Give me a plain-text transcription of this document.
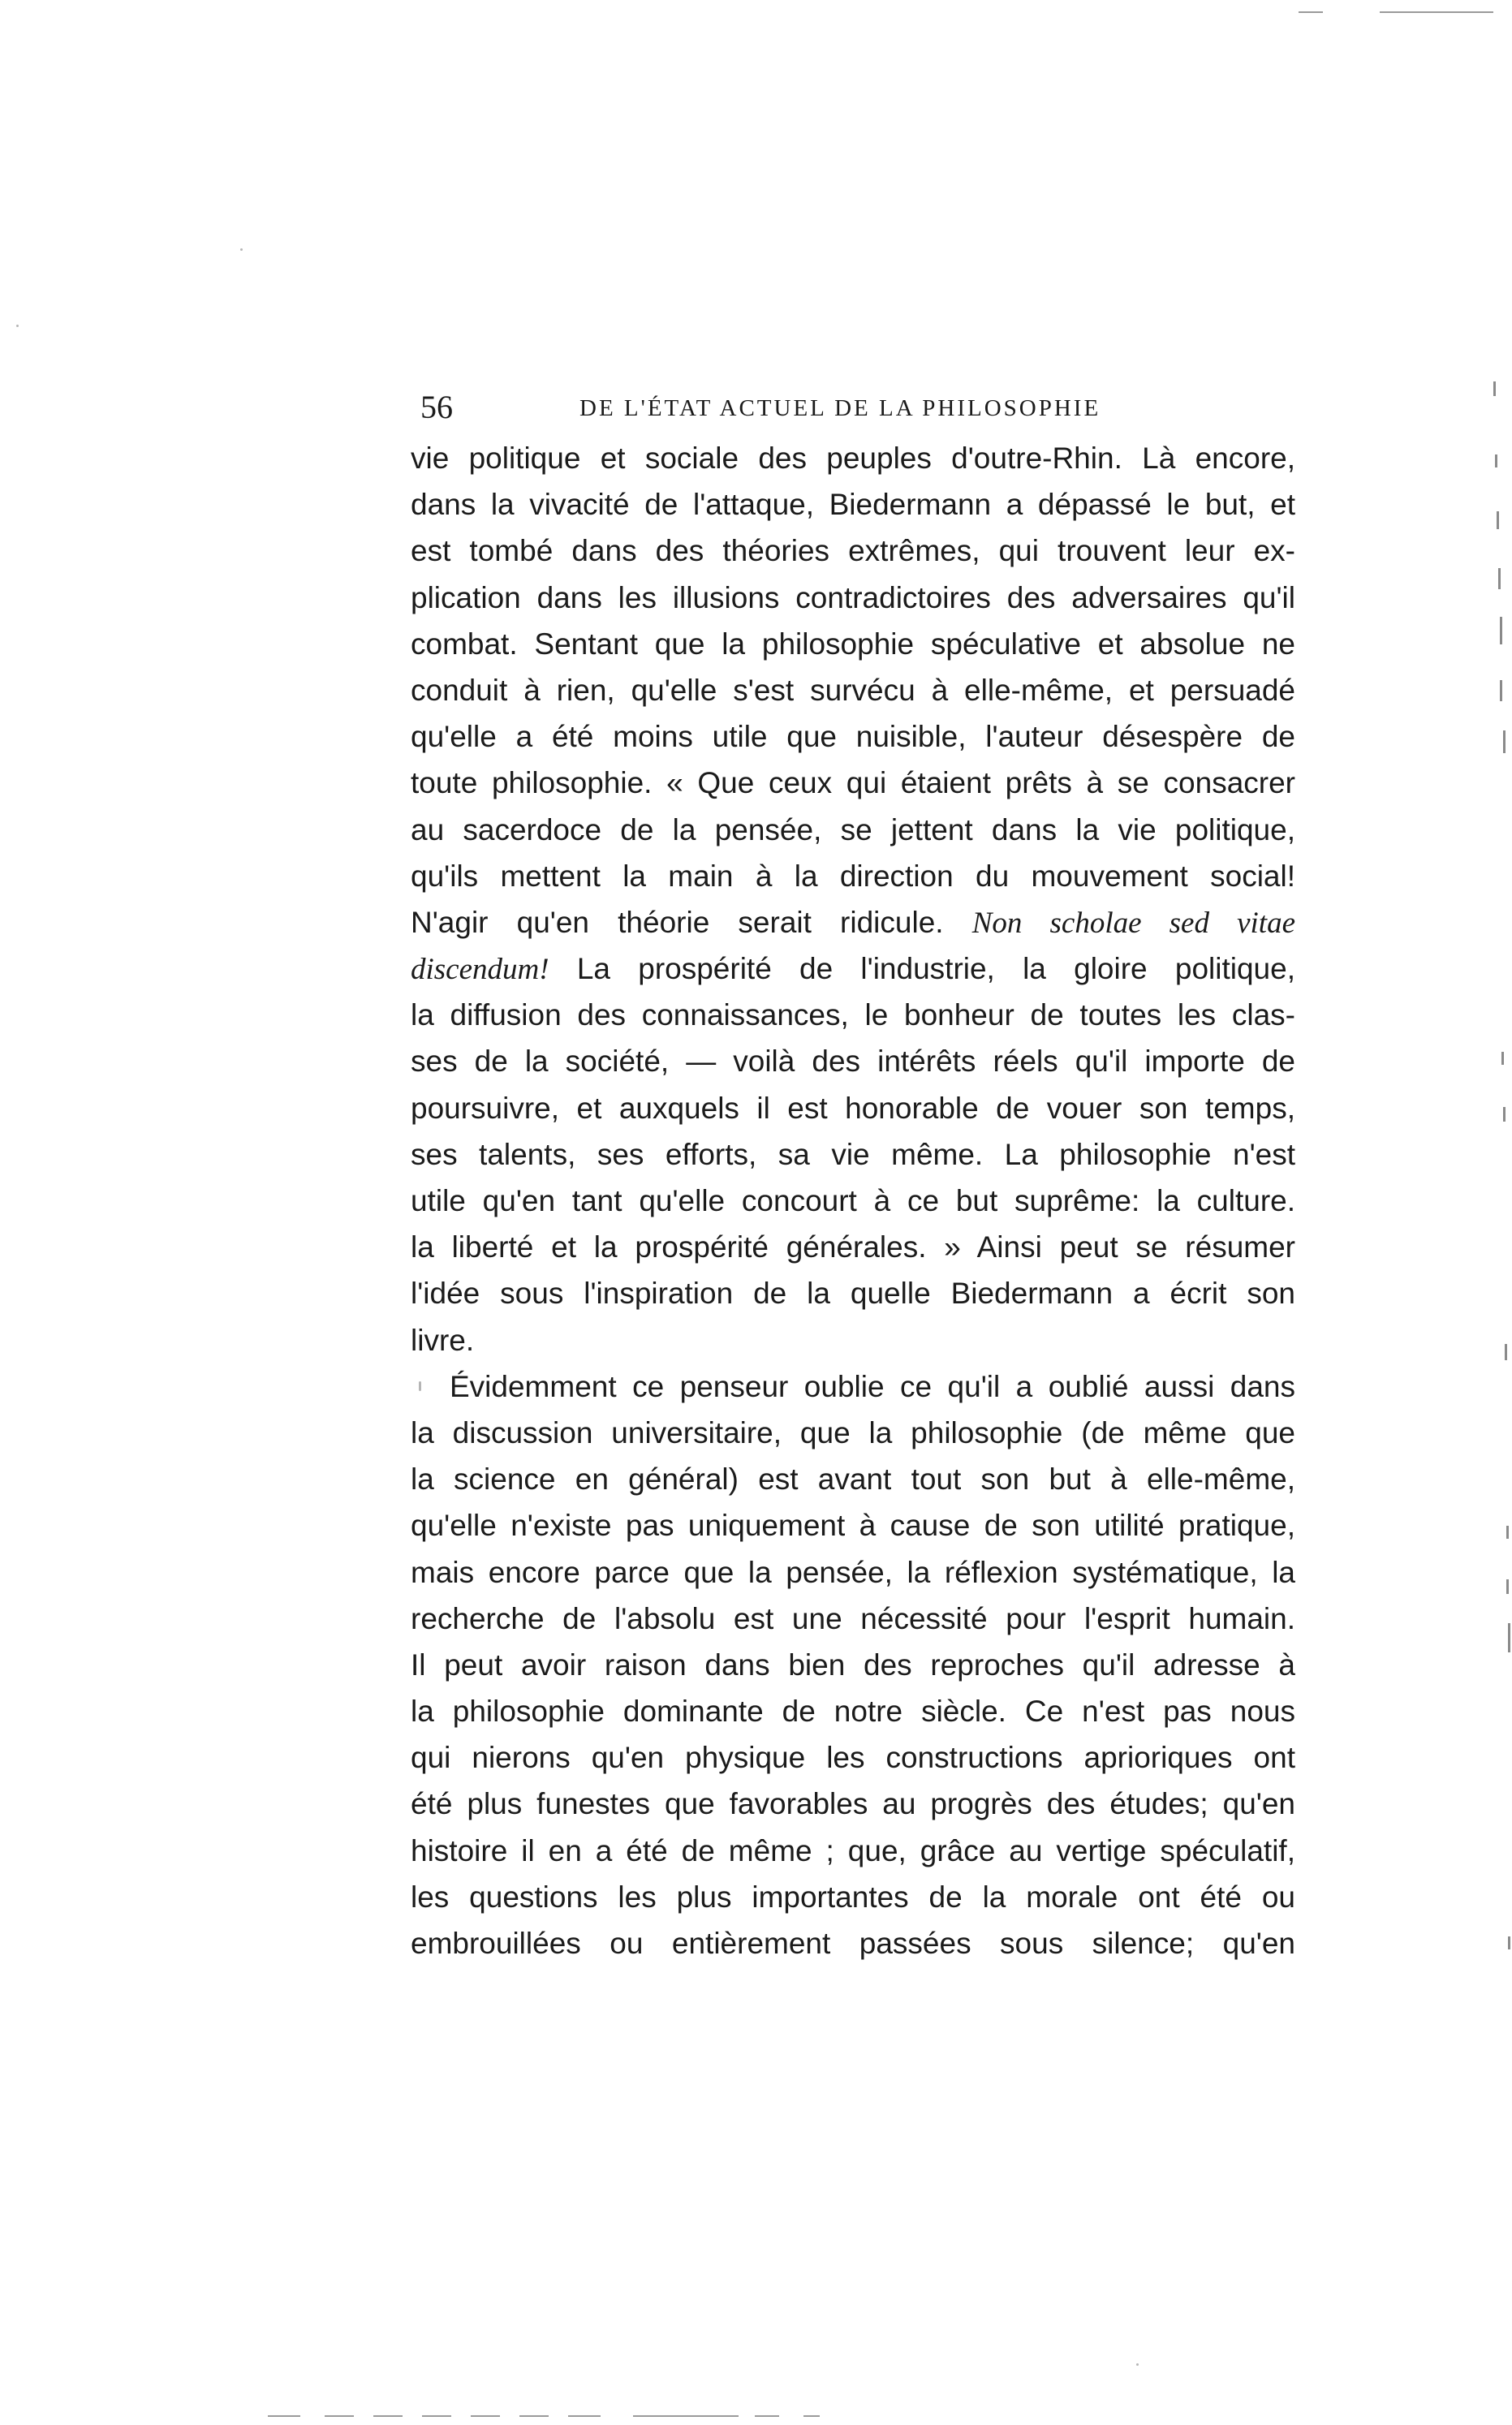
56	DE L'ÉTAT ACTUEL DE LA PHILOSOPHIE
vie politique et sociale des peuples d'outre-Rhin. Là encore,
dans la vivacité de l'attaque, Biedermann a dépassé le but, et
est tombé dans des théories extrêmes, qui trouvent leur ex-
plication dans les illusions contradictoires des adversaires qu'il
combat. Sentant que la philosophie spéculative et absolue ne
conduit à rien, qu'elle s'est survécu à elle-même, et persuadé
qu'elle a été moins utile que nuisible, l'auteur désespère de
toute philosophie. « Que ceux qui étaient prêts à se consacrer
au sacerdoce de la pensée, se jettent dans la vie politique,
qu'ils mettent la main à la direction du mouvement social!
N'agir qu'en théorie serait ridicule. Non scholae sed vitae
discendum! La prospérité de l'industrie, la gloire politique,
la diffusion des connaissances, le bonheur de toutes les clas-
ses de la société, — voilà des intérêts réels qu'il importe de
poursuivre, et auxquels il est honorable de vouer son temps,
ses talents, ses efforts, sa vie même. La philosophie n'est
utile qu'en tant qu'elle concourt à ce but suprême: la culture.
la liberté et la prospérité générales. » Ainsi peut se résumer
l'idée sous l'inspiration de la quelle Biedermann a écrit son
livre.
Évidemment ce penseur oublie ce qu'il a oublié aussi dans
la discussion universitaire, que la philosophie (de même que
la science en général) est avant tout son but à elle-même,
qu'elle n'existe pas uniquement à cause de son utilité pratique,
mais encore parce que la pensée, la réflexion systématique, la
recherche de l'absolu est une nécessité pour l'esprit humain.
Il peut avoir raison dans bien des reproches qu'il adresse à
la philosophie dominante de notre siècle. Ce n'est pas nous
qui nierons qu'en physique les constructions aprioriques ont
été plus funestes que favorables au progrès des études; qu'en
histoire il en a été de même ; que, grâce au vertige spéculatif,
les questions les plus importantes de la morale ont été ou
embrouillées ou entièrement passées sous silence; qu'en
